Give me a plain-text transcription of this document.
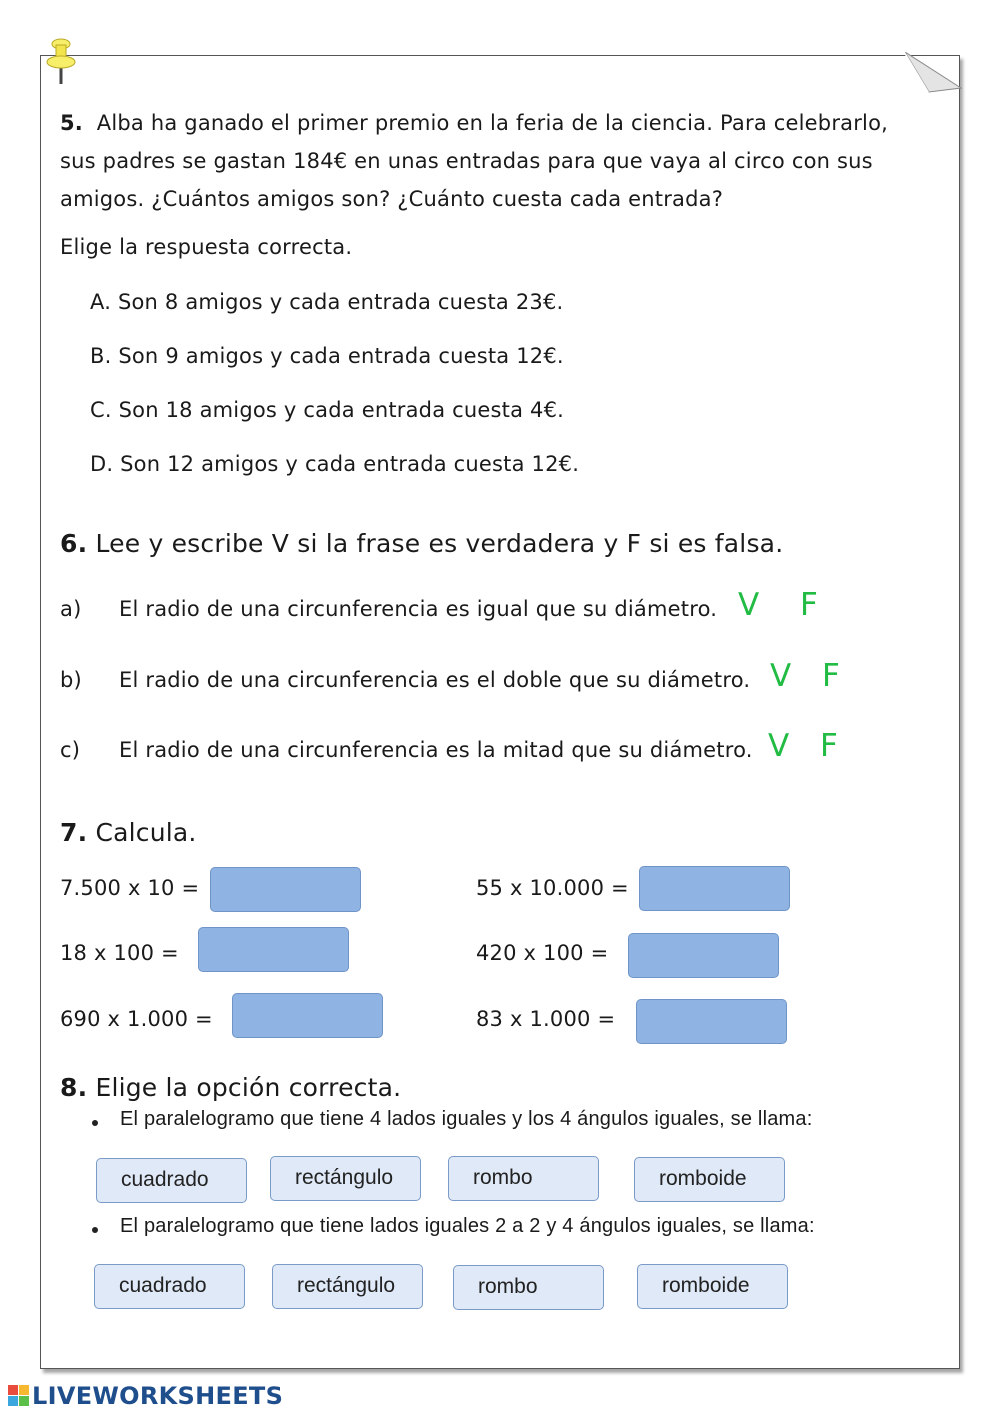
5. Alba ha ganado el primer premio en la feria de la ciencia. Para celebrarlo, sus padres se gastan 184€ en unas entradas para que vaya al circo con sus amigos. ¿Cuántos amigos son? ¿Cuánto cuesta cada entrada?
Elige la respuesta correcta.
A. Son 8 amigos y cada entrada cuesta 23€.
B. Son 9 amigos y cada entrada cuesta 12€.
C. Son 18 amigos y cada entrada cuesta 4€.
D. Son 12 amigos y cada entrada cuesta 12€.
6. Lee y escribe V si la frase es verdadera y F si es falsa.
a) El radio de una circunferencia es igual que su diámetro. V F
b) El radio de una circunferencia es el doble que su diámetro. V F
c) El radio de una circunferencia es la mitad que su diámetro. V F
7. Calcula.
7.500 x 10 =	55 x 10.000 =
18 x 100 =	420 x 100 =
690 x 1.000 =	83 x 1.000 =
8. Elige la opción correcta.
El paralelogramo que tiene 4 lados iguales y los 4 ángulos iguales, se llama:
cuadrado	rectángulo	rombo	romboide
El paralelogramo que tiene lados iguales 2 a 2 y 4 ángulos iguales, se llama:
cuadrado	rectángulo	rombo	romboide
LIVEWORKSHEETS
